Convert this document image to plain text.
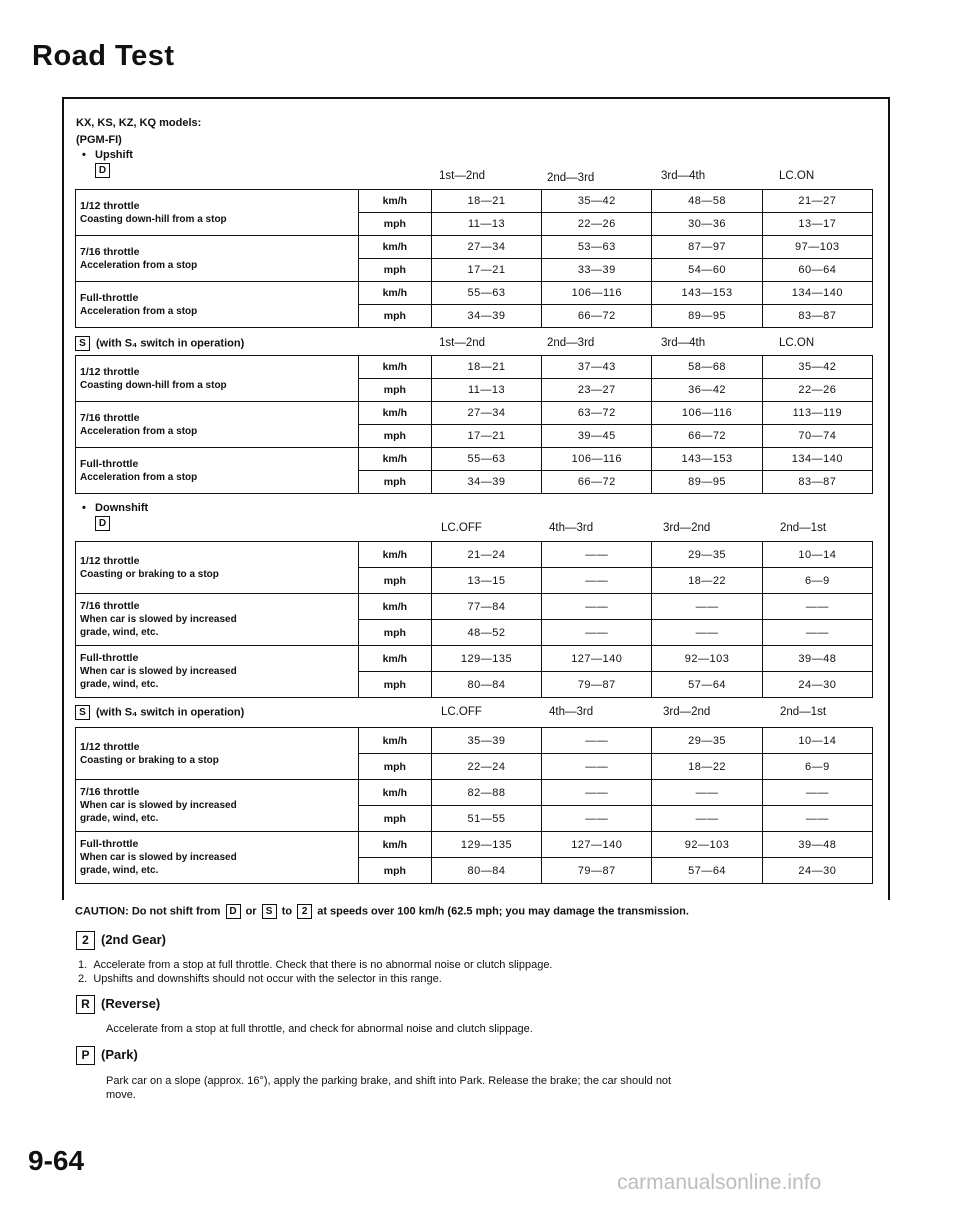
Road Test
KX, KS, KZ, KQ models:
(PGM-FI)
•   Upshift
D	1st—2nd	2nd—3rd	3rd—4th	LC.ON
1/12 throttle
Coasting down-hill from a stop	km/h	18—21	35—42	48—58	21—27
	mph	11—13	22—26	30—36	13—17

7/16 throttle
Acceleration from a stop	km/h	27—34	53—63	87—97	97—103
	mph	17—21	33—39	54—60	60—64

Full-throttle
Acceleration from a stop	km/h	55—63	106—116	143—153	134—140
	mph	34—39	66—72	89—95	83—87
S (with S₄ switch in operation)	1st—2nd	2nd—3rd	3rd—4th	LC.ON
1/12 throttle
Coasting down-hill from a stop	km/h	18—21	37—43	58—68	35—42
	mph	11—13	23—27	36—42	22—26

7/16 throttle
Acceleration from a stop	km/h	27—34	63—72	106—116	113—119
	mph	17—21	39—45	66—72	70—74

Full-throttle
Acceleration from a stop	km/h	55—63	106—116	143—153	134—140
	mph	34—39	66—72	89—95	83—87
•   Downshift
D	LC.OFF	4th—3rd	3rd—2nd	2nd—1st
1/12 throttle
Coasting or braking to a stop	km/h	21—24	——	29—35	10—14
	mph	13—15	——	18—22	6—9

7/16 throttle
When car is slowed by increased
grade, wind, etc.	km/h	77—84	——	——	——
	mph	48—52	——	——	——

Full-throttle
When car is slowed by increased
grade, wind, etc.	km/h	129—135	127—140	92—103	39—48
	mph	80—84	79—87	57—64	24—30
S (with S₄ switch in operation)	LC.OFF	4th—3rd	3rd—2nd	2nd—1st
1/12 throttle
Coasting or braking to a stop	km/h	35—39	——	29—35	10—14
	mph	22—24	——	18—22	6—9

7/16 throttle
When car is slowed by increased
grade, wind, etc.	km/h	82—88	——	——	——
	mph	51—55	——	——	——

Full-throttle
When car is slowed by increased
grade, wind, etc.	km/h	129—135	127—140	92—103	39—48
	mph	80—84	79—87	57—64	24—30
CAUTION: Do not shift from D or S to 2 at speeds over 100 km/h (62.5 mph; you may damage the transmission.
2 (2nd Gear)
1. Accelerate from a stop at full throttle. Check that there is no abnormal noise or clutch slippage.
2. Upshifts and downshifts should not occur with the selector in this range.
R (Reverse)
Accelerate from a stop at full throttle, and check for abnormal noise and clutch slippage.
P (Park)
Park car on a slope (approx. 16°), apply the parking brake, and shift into Park. Release the brake; the car should not
move.
9-64
carmanualsonline.info
